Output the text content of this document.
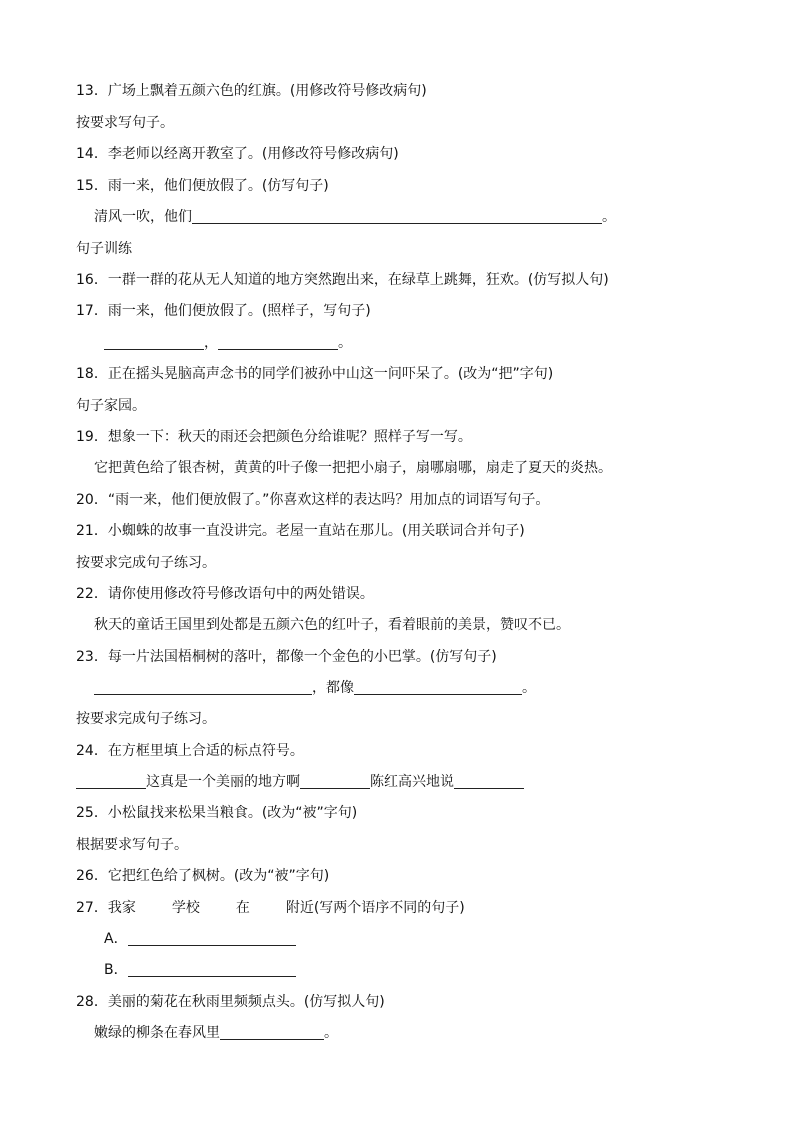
13．广场上飘着五颜六色的红旗。(用修改符号修改病句)
按要求写句子。
14．李老师以经离开教室了。(用修改符号修改病句)
15．雨一来，他们便放假了。(仿写句子)
清风一吹，他们	。
句子训练
16．一群一群的花从无人知道的地方突然跑出来，在绿草上跳舞，狂欢。(仿写拟人句)
17．雨一来，他们便放假了。(照样子，写句子)
，	。
18．正在摇头晃脑高声念书的同学们被孙中山这一问吓呆了。(改为“把”字句)
句子家园。
19．想象一下：秋天的雨还会把颜色分给谁呢？照样子写一写。
它把黄色给了银杏树，黄黄的叶子像一把把小扇子，扇哪扇哪，扇走了夏天的炎热。
20．“雨一来，他们便放假了。”你喜欢这样的表达吗？用加点的词语写句子。
21．小蜘蛛的故事一直没讲完。老屋一直站在那儿。(用关联词合并句子)
按要求完成句子练习。
22．请你使用修改符号修改语句中的两处错误。
秋天的童话王国里到处都是五颜六色的红叶子，看着眼前的美景，赞叹不已。
23．每一片法国梧桐树的落叶，都像一个金色的小巴掌。(仿写句子)
，都像	。
按要求完成句子练习。
24．在方框里填上合适的标点符号。
这真是一个美丽的地方啊	陈红高兴地说
25．小松鼠找来松果当粮食。(改为“被”字句)
根据要求写句子。
26．它把红色给了枫树。(改为“被”字句)
27．我家	学校	在	附近(写两个语序不同的句子)
A．
B．
28．美丽的菊花在秋雨里频频点头。(仿写拟人句)
嫩绿的柳条在春风里	。
